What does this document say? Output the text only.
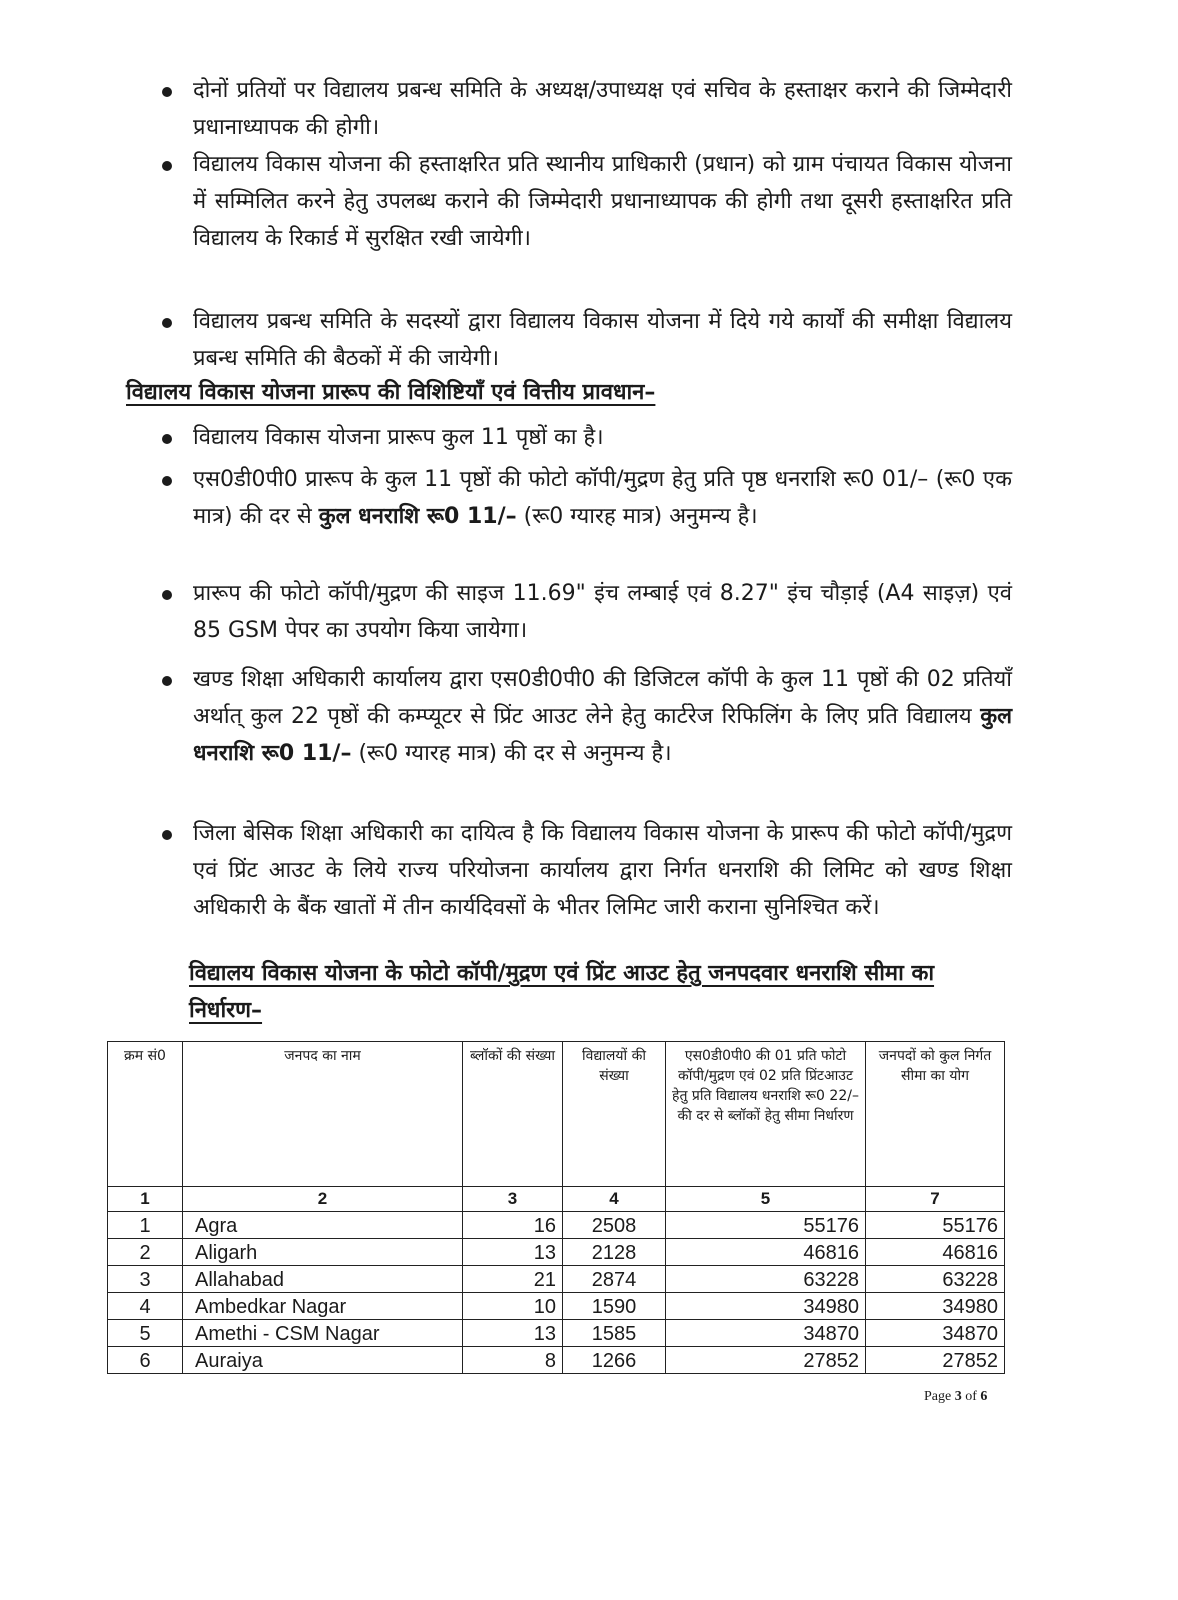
दोनों प्रतियों पर विद्यालय प्रबन्ध समिति के अध्यक्ष/उपाध्यक्ष एवं सचिव के हस्ताक्षर कराने की जिम्मेदारी प्रधानाध्यापक की होगी।
विद्यालय विकास योजना की हस्ताक्षरित प्रति स्थानीय प्राधिकारी (प्रधान) को ग्राम पंचायत विकास योजना में सम्मिलित करने हेतु उपलब्ध कराने की जिम्मेदारी प्रधानाध्यापक की होगी तथा दूसरी हस्ताक्षरित प्रति विद्यालय के रिकार्ड में सुरक्षित रखी जायेगी।
विद्यालय प्रबन्ध समिति के सदस्यों द्वारा विद्यालय विकास योजना में दिये गये कार्यों की समीक्षा विद्यालय प्रबन्ध समिति की बैठकों में की जायेगी।
विद्यालय विकास योजना प्रारूप की विशिष्टियाँ एवं वित्तीय प्रावधान–
विद्यालय विकास योजना प्रारूप कुल 11 पृष्ठों का है।
एस0डी0पी0 प्रारूप के कुल 11 पृष्ठों की फोटो कॉपी/मुद्रण हेतु प्रति पृष्ठ धनराशि रू0 01/– (रू0 एक मात्र) की दर से कुल धनराशि रू0 11/– (रू0 ग्यारह मात्र) अनुमन्य है।
प्रारूप की फोटो कॉपी/मुद्रण की साइज 11.69" इंच लम्बाई एवं 8.27" इंच चौड़ाई (A4 साइज़) एवं 85 GSM पेपर का उपयोग किया जायेगा।
खण्ड शिक्षा अधिकारी कार्यालय द्वारा एस0डी0पी0 की डिजिटल कॉपी के कुल 11 पृष्ठों की 02 प्रतियाँ अर्थात् कुल 22 पृष्ठों की कम्प्यूटर से प्रिंट आउट लेने हेतु कार्टरेज रिफिलिंग के लिए प्रति विद्यालय कुल धनराशि रू0 11/– (रू0 ग्यारह मात्र) की दर से अनुमन्य है।
जिला बेसिक शिक्षा अधिकारी का दायित्व है कि विद्यालय विकास योजना के प्रारूप की फोटो कॉपी/मुद्रण एवं प्रिंट आउट के लिये राज्य परियोजना कार्यालय द्वारा निर्गत धनराशि की लिमिट को खण्ड शिक्षा अधिकारी के बैंक खातों में तीन कार्यदिवसों के भीतर लिमिट जारी कराना सुनिश्चित करें।
विद्यालय विकास योजना के फोटो कॉपी/मुद्रण एवं प्रिंट आउट हेतु जनपदवार धनराशि सीमा का निर्धारण–
क्रम सं0	जनपद का नाम	ब्लॉकों की संख्या	विद्यालयों की संख्या	एस0डी0पी0 की 01 प्रति फोटो कॉपी/मुद्रण एवं 02 प्रति प्रिंटआउट हेतु प्रति विद्यालय धनराशि रू0 22/– की दर से ब्लॉकों हेतु सीमा निर्धारण	जनपदों को कुल निर्गत सीमा का योग
1	2	3	4	5	7
1	Agra	16	2508	55176	55176
2	Aligarh	13	2128	46816	46816
3	Allahabad	21	2874	63228	63228
4	Ambedkar Nagar	10	1590	34980	34980
5	Amethi - CSM Nagar	13	1585	34870	34870
6	Auraiya	8	1266	27852	27852
Page 3 of 6
